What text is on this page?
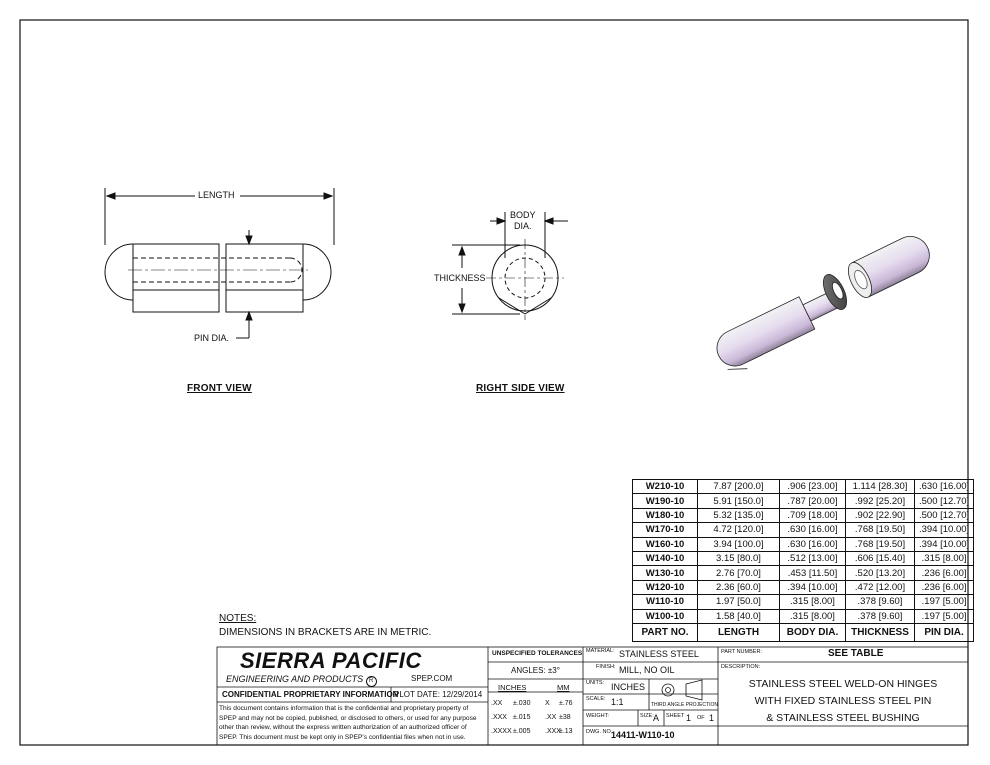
LENGTH
PIN DIA.
FRONT VIEW
BODY
DIA.
THICKNESS
RIGHT SIDE VIEW
W210-10	7.87 [200.0]	.906 [23.00]	1.114 [28.30]	.630 [16.00]
W190-10	5.91 [150.0]	.787 [20.00]	.992 [25.20]	.500 [12.70]
W180-10	5.32 [135.0]	.709 [18.00]	.902 [22.90]	.500 [12.70]
W170-10	4.72 [120.0]	.630 [16.00]	.768 [19.50]	.394 [10.00]
W160-10	3.94 [100.0]	.630 [16.00]	.768 [19.50]	.394 [10.00]
W140-10	3.15 [80.0]	.512 [13.00]	.606 [15.40]	.315 [8.00]
W130-10	2.76 [70.0]	.453 [11.50]	.520 [13.20]	.236 [6.00]
W120-10	2.36 [60.0]	.394 [10.00]	.472 [12.00]	.236 [6.00]
W110-10	1.97 [50.0]	.315 [8.00]	.378 [9.60]	.197 [5.00]
W100-10	1.58 [40.0]	.315 [8.00]	.378 [9.60]	.197 [5.00]
PART NO.	LENGTH	BODY DIA.	THICKNESS	PIN DIA.
NOTES:
DIMENSIONS IN BRACKETS ARE IN METRIC.
SIERRA PACIFIC
ENGINEERING AND PRODUCTS R	SPEP.COM
CONFIDENTIAL PROPRIETARY INFORMATION
PLOT DATE: 12/29/2014
This document contains information that is the confidential and proprietary property of
SPEP and may not be copied, published, or disclosed to others, or used for any purpose
other than review, without the express written authorization of an authorized officer of
SPEP. This document must be kept only in SPEP's confidential files when not in use.
UNSPECIFIED TOLERANCES
ANGLES: ±3°
INCHES	MM
.XX ±.030 X ±.76
.XXX ±.015 .XX ±38
.XXXX±.005 .XXX±.13
MATERIAL: STAINLESS STEEL
FINISH: MILL, NO OIL
UNITS: INCHES
SCALE: 1:1	THIRD ANGLE PROJECTION
WEIGHT:	SIZE: A SHEET 1 OF 1
DWG. NO.
14411-W110-10
PART NUMBER:	SEE TABLE
DESCRIPTION:
STAINLESS STEEL WELD-ON HINGES
WITH FIXED STAINLESS STEEL PIN
& STAINLESS STEEL BUSHING
